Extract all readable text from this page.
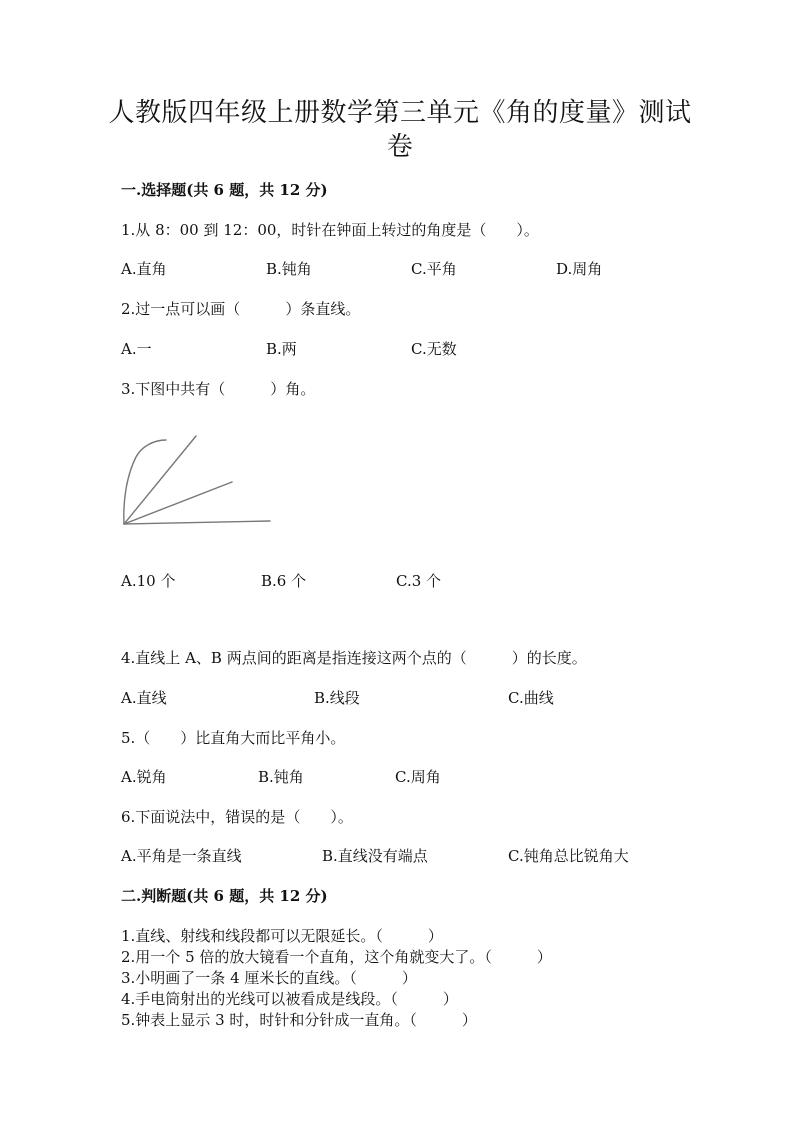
人教版四年级上册数学第三单元《角的度量》测试
卷
一.选择题(共 6 题，共 12 分)
1.从 8：00 到 12：00，时针在钟面上转过的角度是（　　）。
A.直角	B.钝角	C.平角	D.周角
2.过一点可以画（　　　）条直线。
A.一	B.两	C.无数
3.下图中共有（　　　）角。
A.10 个	B.6 个	C.3 个
4.直线上 A、B 两点间的距离是指连接这两个点的（　　　）的长度。
A.直线	B.线段	C.曲线
5.（　　）比直角大而比平角小。
A.锐角	B.钝角	C.周角
6.下面说法中，错误的是（　　）。
A.平角是一条直线	B.直线没有端点	C.钝角总比锐角大
二.判断题(共 6 题，共 12 分)
1.直线、射线和线段都可以无限延长。（　　　）
2.用一个 5 倍的放大镜看一个直角，这个角就变大了。（　　　）
3.小明画了一条 4 厘米长的直线。（　　　）
4.手电筒射出的光线可以被看成是线段。（　　　）
5.钟表上显示 3 时，时针和分针成一直角。（　　　）
